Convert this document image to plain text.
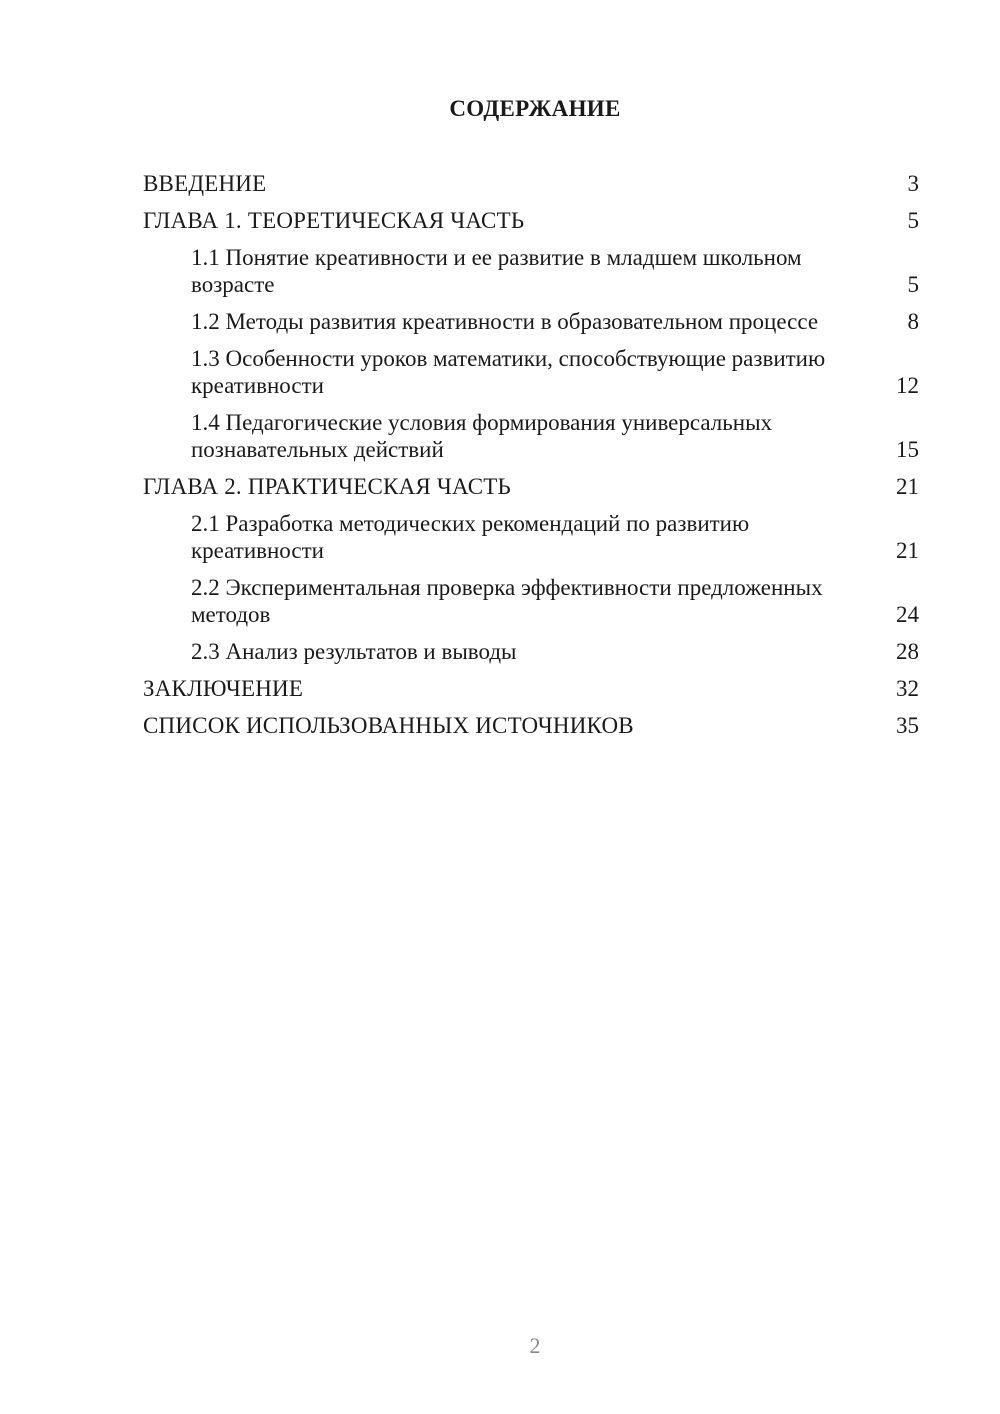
СОДЕРЖАНИЕ
ВВЕДЕНИЕ	3
ГЛАВА 1. ТЕОРЕТИЧЕСКАЯ ЧАСТЬ	5
1.1 Понятие креативности и ее развитие в младшем школьном возрасте	5
1.2 Методы развития креативности в образовательном процессе	8
1.3 Особенности уроков математики, способствующие развитию креативности	12
1.4 Педагогические условия формирования универсальных познавательных действий	15
ГЛАВА 2. ПРАКТИЧЕСКАЯ ЧАСТЬ	21
2.1 Разработка методических рекомендаций по развитию креативности	21
2.2 Экспериментальная проверка эффективности предложенных методов	24
2.3 Анализ результатов и выводы	28
ЗАКЛЮЧЕНИЕ	32
СПИСОК ИСПОЛЬЗОВАННЫХ ИСТОЧНИКОВ	35
2
